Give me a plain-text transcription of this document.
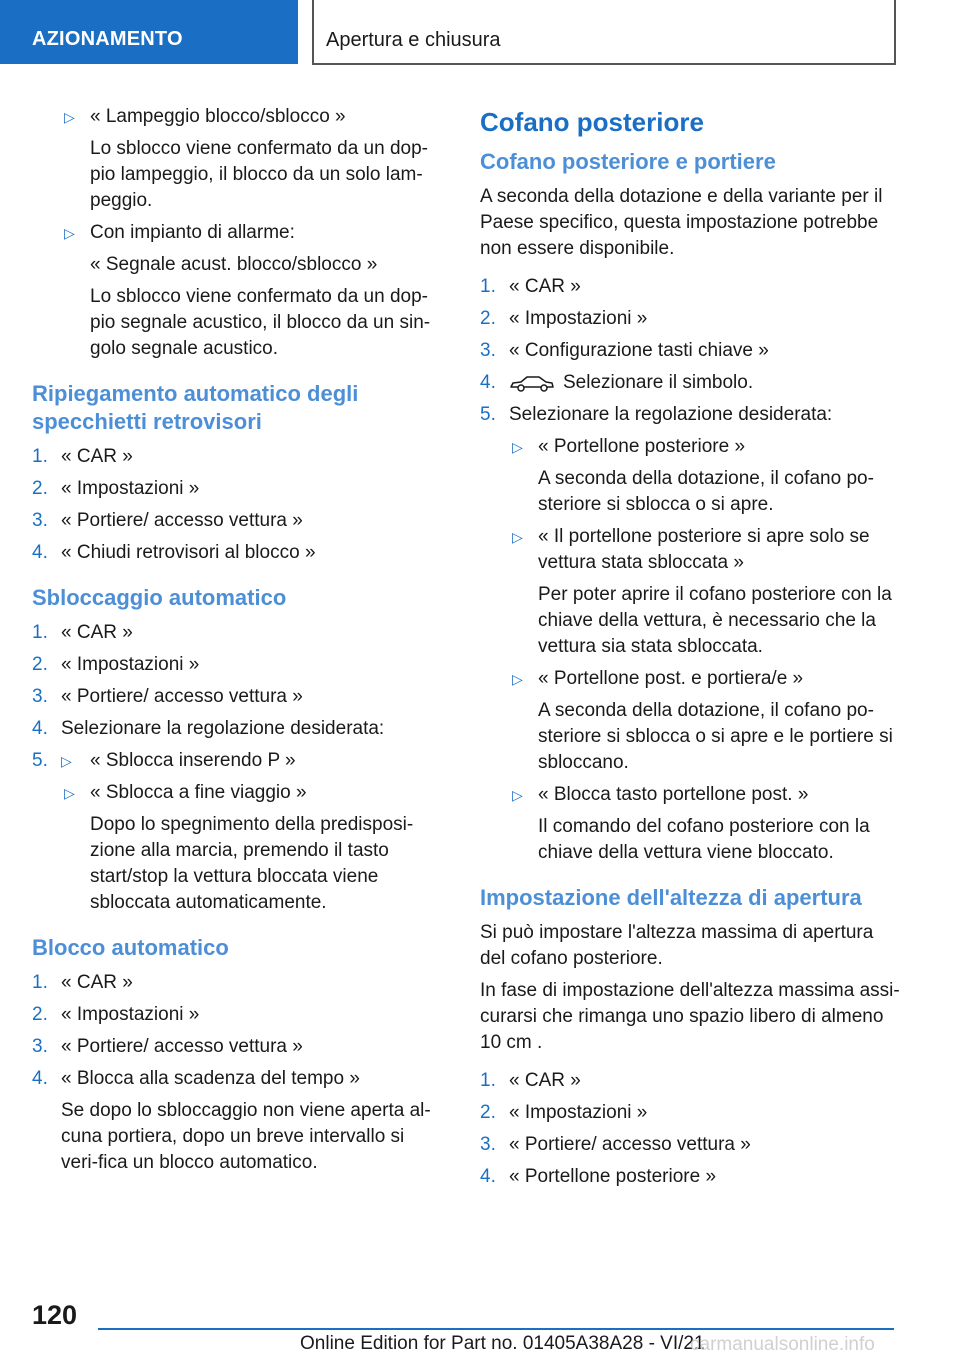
AZIONAMENTO	Apertura e chiusura
▷ « Lampeggio blocco/sblocco »
Lo sblocco viene confermato da un dop-pio lampeggio, il blocco da un solo lam-peggio.
▷ Con impianto di allarme:
« Segnale acust. blocco/sblocco »
Lo sblocco viene confermato da un dop-pio segnale acustico, il blocco da un sin-golo segnale acustico.
Ripiegamento automatico degli specchietti retrovisori
1. « CAR »
2. « Impostazioni »
3. « Portiere/ accesso vettura »
4. « Chiudi retrovisori al blocco »
Sbloccaggio automatico
1. « CAR »
2. « Impostazioni »
3. « Portiere/ accesso vettura »
4. Selezionare la regolazione desiderata:
5. ▷ « Sblocca inserendo P »
▷ « Sblocca a fine viaggio »
Dopo lo spegnimento della predisposi-zione alla marcia, premendo il tasto start/stop la vettura bloccata viene sbloccata automaticamente.
Blocco automatico
1. « CAR »
2. « Impostazioni »
3. « Portiere/ accesso vettura »
4. « Blocca alla scadenza del tempo »
Se dopo lo sbloccaggio non viene aperta al-cuna portiera, dopo un breve intervallo si veri-fica un blocco automatico.
Cofano posteriore
Cofano posteriore e portiere
A seconda della dotazione e della variante per il Paese specifico, questa impostazione potrebbe non essere disponibile.
1. « CAR »
2. « Impostazioni »
3. « Configurazione tasti chiave »
4.	Selezionare il simbolo.
5. Selezionare la regolazione desiderata:
▷ « Portellone posteriore »
A seconda della dotazione, il cofano po-steriore si sblocca o si apre.
▷ « Il portellone posteriore si apre solo se vettura stata sbloccata »
Per poter aprire il cofano posteriore con la chiave della vettura, è necessario che la vettura sia stata sbloccata.
▷ « Portellone post. e portiera/e »
A seconda della dotazione, il cofano po-steriore si sblocca o si apre e le portiere si sbloccano.
▷ « Blocca tasto portellone post. »
Il comando del cofano posteriore con la chiave della vettura viene bloccato.
Impostazione dell'altezza di apertura
Si può impostare l'altezza massima di apertura del cofano posteriore.
In fase di impostazione dell'altezza massima assi-curarsi che rimanga uno spazio libero di almeno 10 cm .
1. « CAR »
2. « Impostazioni »
3. « Portiere/ accesso vettura »
4. « Portellone posteriore »
120
Online Edition for Part no. 01405A38A28 - VI/21
carmanualsonline.info
